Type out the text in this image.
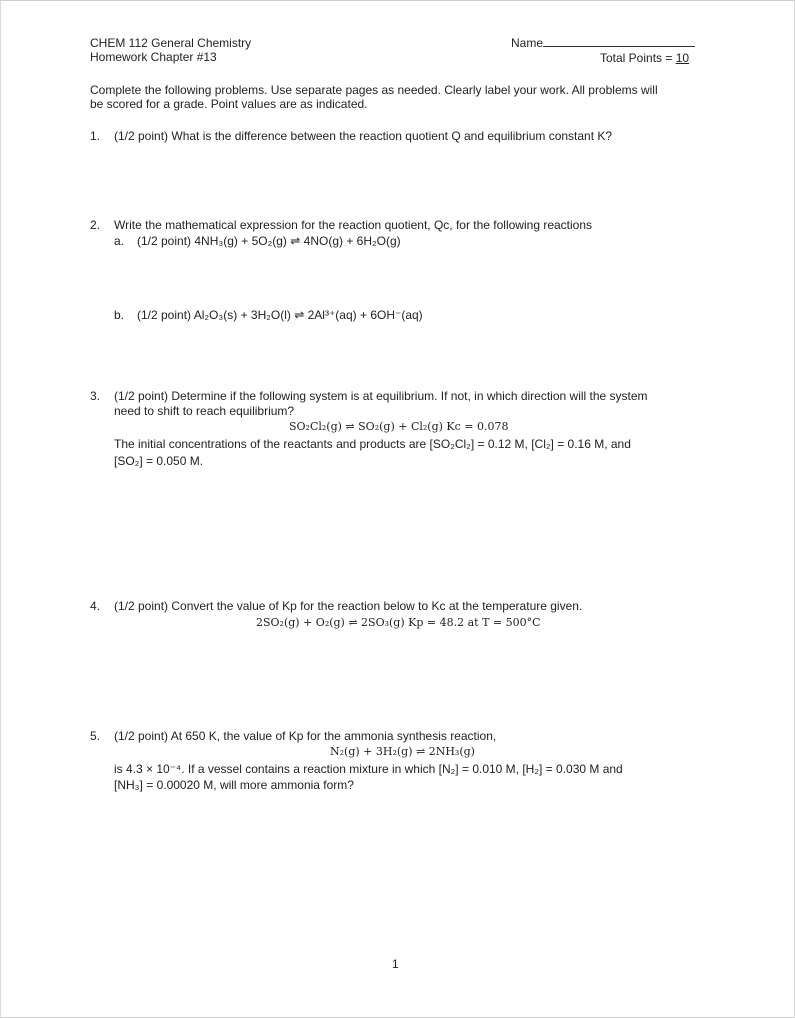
CHEM 112 General Chemistry
Homework Chapter #13
Name
Total Points = 10
Complete the following problems. Use separate pages as needed. Clearly label your work. All problems will
be scored for a grade. Point values are as indicated.
1. (1/2 point) What is the difference between the reaction quotient Q and equilibrium constant K?
2. Write the mathematical expression for the reaction quotient, Qc, for the following reactions
a. (1/2 point) 4NH₃(g) + 5O₂(g) ⇌ 4NO(g) + 6H₂O(g)
b. (1/2 point) Al₂O₃(s) + 3H₂O(l) ⇌ 2Al³⁺(aq) + 6OH⁻(aq)
3. (1/2 point) Determine if the following system is at equilibrium. If not, in which direction will the system
need to shift to reach equilibrium?
SO₂Cl₂(g) ⇌ SO₂(g) + Cl₂(g) Kc = 0.078
The initial concentrations of the reactants and products are [SO₂Cl₂] = 0.12 M, [Cl₂] = 0.16 M, and
[SO₂] = 0.050 M.
4. (1/2 point) Convert the value of Kp for the reaction below to Kc at the temperature given.
2SO₂(g) + O₂(g) ⇌ 2SO₃(g) Kp = 48.2 at T = 500°C
5. (1/2 point) At 650 K, the value of Kp for the ammonia synthesis reaction,
N₂(g) + 3H₂(g) ⇌ 2NH₃(g)
is 4.3 × 10⁻⁴. If a vessel contains a reaction mixture in which [N₂] = 0.010 M, [H₂] = 0.030 M and
[NH₃] = 0.00020 M, will more ammonia form?
1
